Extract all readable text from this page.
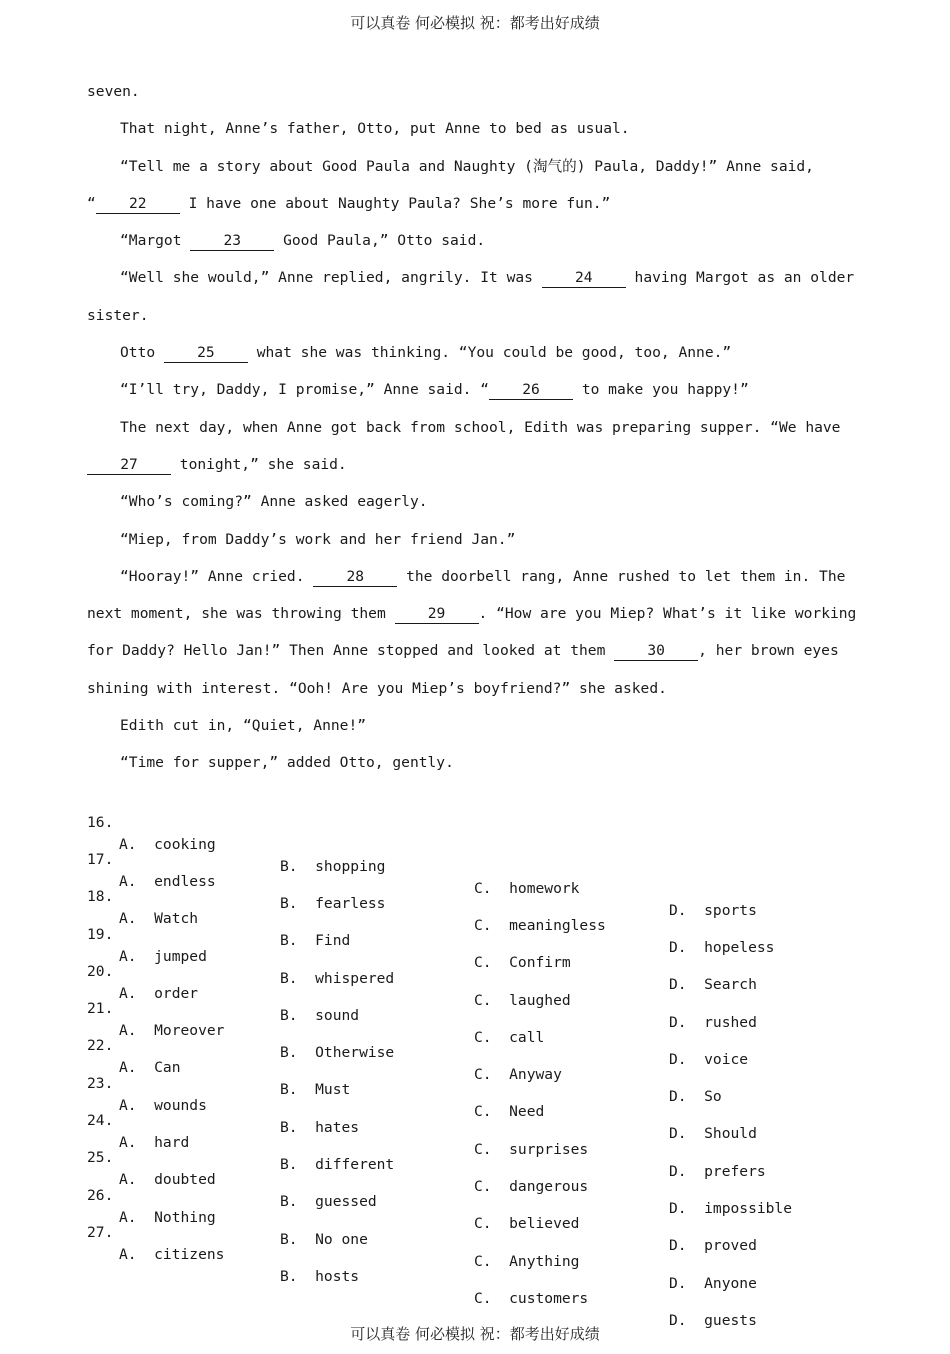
可以真卷 何必模拟 祝：都考出好成绩
seven.
That night, Anne’s father, Otto, put Anne to bed as usual.
“Tell me a story about Good Paula and Naughty (淘气的) Paula, Daddy!” Anne said,
“ 22 I have one about Naughty Paula? She’s more fun.”
“Margot 23 Good Paula,” Otto said.
“Well she would,” Anne replied, angrily. It was 24 having Margot as an older
sister.
Otto 25 what she was thinking. “You could be good, too, Anne.”
“I’ll try, Daddy, I promise,” Anne said. “ 26 to make you happy!”
The next day, when Anne got back from school, Edith was preparing supper. “We have
27 tonight,” she said.
“Who’s coming?” Anne asked eagerly.
“Miep, from Daddy’s work and her friend Jan.”
“Hooray!” Anne cried. 28 the doorbell rang, Anne rushed to let them in. The
next moment, she was throwing them 29 . “How are you Miep? What’s it like working
for Daddy? Hello Jan!” Then Anne stopped and looked at them 30 , her brown eyes
shining with interest. “Ooh! Are you Miep’s boyfriend?” she asked.
Edith cut in, “Quiet, Anne!”
“Time for supper,” added Otto, gently.

16.

A.  cooking

B.  shopping

C.  homework

D.  sports

17.

A.  endless

B.  fearless

C.  meaningless

D.  hopeless

18.

A.  Watch

B.  Find

C.  Confirm

D.  Search

19.

A.  jumped

B.  whispered

C.  laughed

D.  rushed

20.

A.  order

B.  sound

C.  call

D.  voice

21.

A.  Moreover

B.  Otherwise

C.  Anyway

D.  So

22.

A.  Can

B.  Must

C.  Need

D.  Should

23.

A.  wounds

B.  hates

C.  surprises

D.  prefers

24.

A.  hard

B.  different

C.  dangerous

D.  impossible

25.

A.  doubted

B.  guessed

C.  believed

D.  proved

26.

A.  Nothing

B.  No one

C.  Anything

D.  Anyone

27.

A.  citizens

B.  hosts

C.  customers

D.  guests

可以真卷 何必模拟 祝：都考出好成绩
